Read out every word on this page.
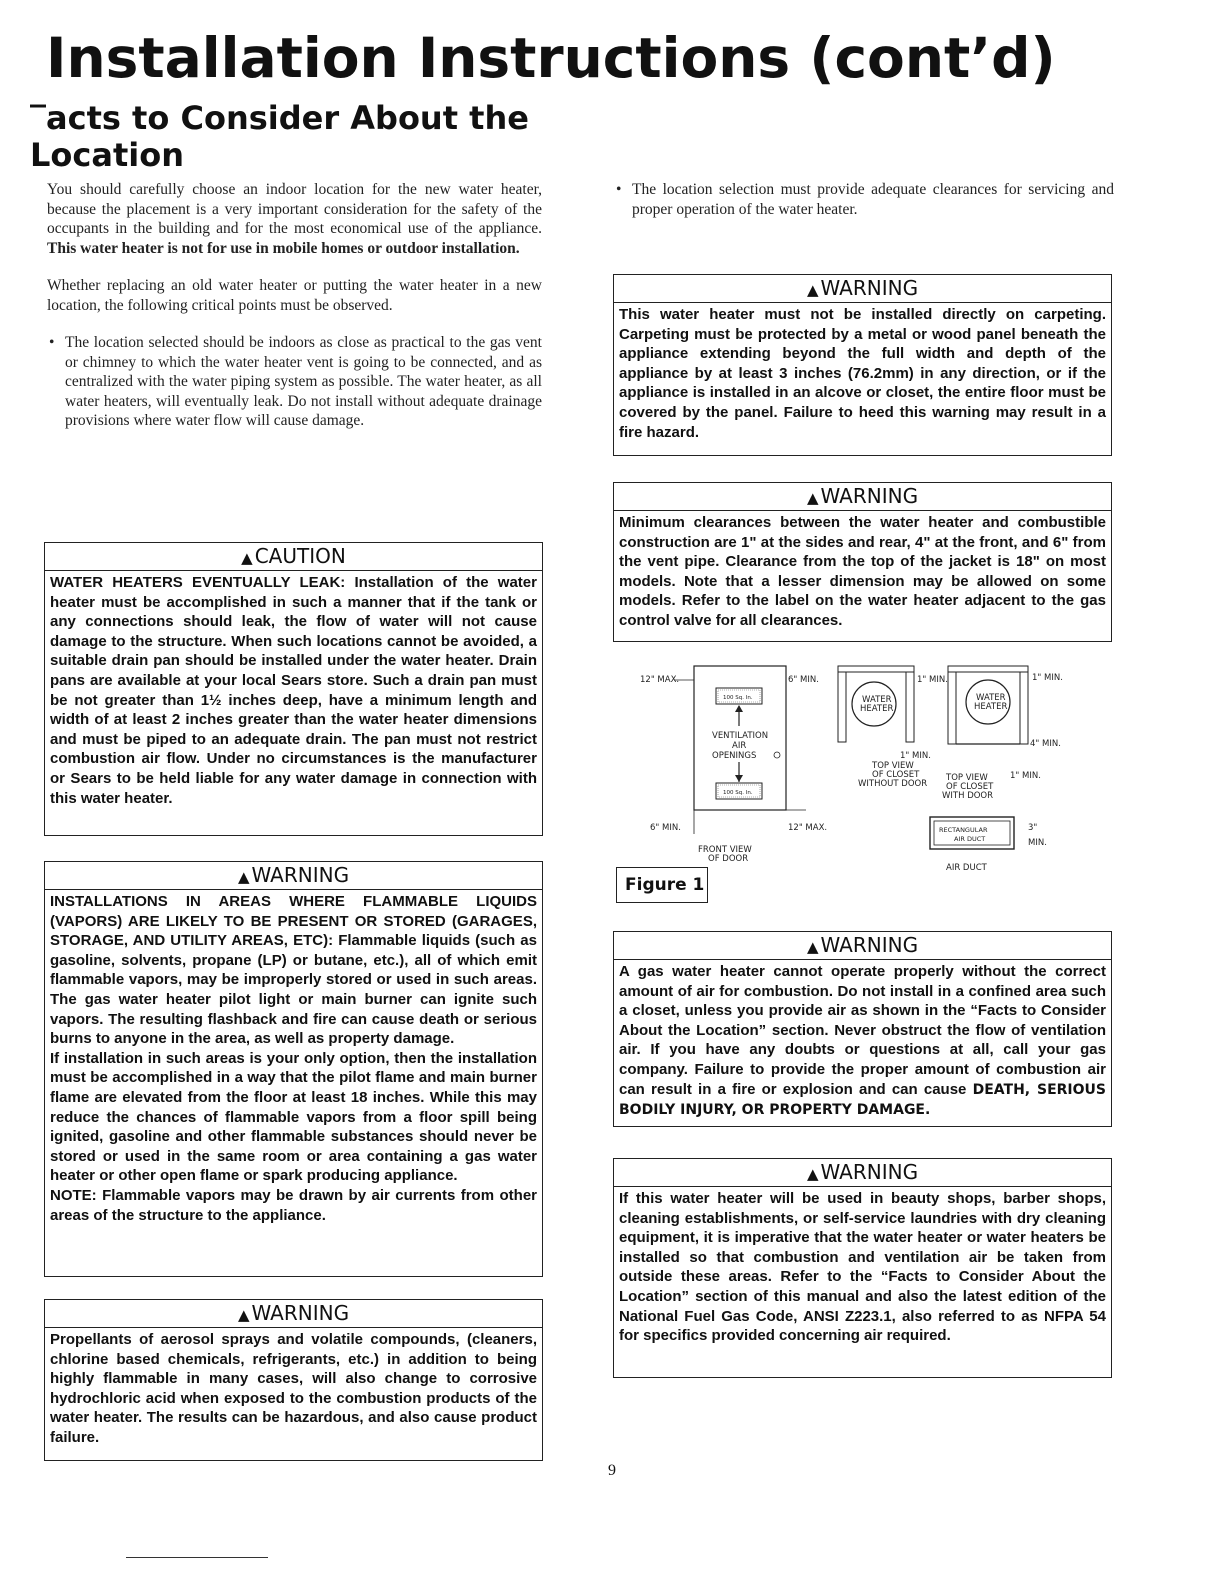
Installation Instructions (cont’d)
‾acts to Consider About the Location

You should carefully choose an indoor location for the new water heater, because the placement is a very important consideration for the safety of the occupants in the building and for the most economical use of the appliance. This water heater is not for use in mobile homes or outdoor installation.

Whether replacing an old water heater or putting the water heater in a new location, the following critical points must be observed.

• The location selected should be indoors as close as practical to the gas vent or chimney to which the water heater vent is going to be connected, and as centralized with the water piping system as possible. The water heater, as all water heaters, will eventually leak. Do not install without adequate drainage provisions where water flow will cause damage.

• The location selection must provide adequate clearances for servicing and proper operation of the water heater.

▲ CAUTION
WATER HEATERS EVENTUALLY LEAK: Installation of the water heater must be accomplished in such a manner that if the tank or any connections should leak, the flow of water will not cause damage to the structure. When such locations cannot be avoided, a suitable drain pan should be installed under the water heater. Drain pans are available at your local Sears store. Such a drain pan must be not greater than 1½ inches deep, have a minimum length and width of at least 2 inches greater than the water heater dimensions and must be piped to an adequate drain. The pan must not restrict combustion air flow. Under no circumstances is the manufacturer or Sears to be held liable for any water damage in connection with this water heater.
▲ WARNING

INSTALLATIONS IN AREAS WHERE FLAMMABLE LIQUIDS (VAPORS) ARE LIKELY TO BE PRESENT OR STORED (GARAGES, STORAGE, AND UTILITY AREAS, ETC): Flammable liquids (such as gasoline, solvents, propane (LP) or butane, etc.), all of which emit flammable vapors, may be improperly stored or used in such areas. The gas water heater pilot light or main burner can ignite such vapors. The resulting flashback and fire can cause death or serious burns to anyone in the area, as well as property damage.

If installation in such areas is your only option, then the installation must be accomplished in a way that the pilot flame and main burner flame are elevated from the floor at least 18 inches. While this may reduce the chances of flammable vapors from a floor spill being ignited, gasoline and other flammable substances should never be stored or used in the same room or area containing a gas water heater or other open flame or spark producing appliance.

NOTE: Flammable vapors may be drawn by air currents from other areas of the structure to the appliance.

▲ WARNING
Propellants of aerosol sprays and volatile compounds, (cleaners, chlorine based chemicals, refrigerants, etc.) in addition to being highly flammable in many cases, will also change to corrosive hydrochloric acid when exposed to the combustion products of the water heater. The results can be hazardous, and also cause product failure.
▲ WARNING
This water heater must not be installed directly on carpeting. Carpeting must be protected by a metal or wood panel beneath the appliance extending beyond the full width and depth of the appliance by at least 3 inches (76.2mm) in any direction, or if the appliance is installed in an alcove or closet, the entire floor must be covered by the panel. Failure to heed this warning may result in a fire hazard.
▲ WARNING
Minimum clearances between the water heater and combustible construction are 1" at the sides and rear, 4" at the front, and 6" from the vent pipe. Clearance from the top of the jacket is 18" on most models. Note that a lesser dimension may be allowed on some models. Refer to the label on the water heater adjacent to the gas control valve for all clearances.
12" MAX.	6" MIN.
100 Sq. In.
VENTILATION
AIR
OPENINGS
100 Sq. In.
6" MIN.	12" MAX.
FRONT VIEW
OF DOOR
WATER
HEATER
1" MIN.
1" MIN.
TOP VIEW
OF CLOSET
WITHOUT DOOR
WATER
HEATER
1" MIN.
4" MIN.
1" MIN.
TOP VIEW
OF CLOSET
WITH DOOR
RECTANGULAR
AIR DUCT
3"
MIN.
AIR DUCT
Figure 1
▲ WARNING
A gas water heater cannot operate properly without the correct amount of air for combustion. Do not install in a confined area such a closet, unless you provide air as shown in the “Facts to Consider About the Location” section. Never obstruct the flow of ventilation air. If you have any doubts or questions at all, call your gas company. Failure to provide the proper amount of combustion air can result in a fire or explosion and can cause DEATH, SERIOUS BODILY INJURY, OR PROPERTY DAMAGE.
▲ WARNING
If this water heater will be used in beauty shops, barber shops, cleaning establishments, or self-service laundries with dry cleaning equipment, it is imperative that the water heater or water heaters be installed so that combustion and ventilation air be taken from outside these areas. Refer to the “Facts to Consider About the Location” section of this manual and also the latest edition of the National Fuel Gas Code, ANSI Z223.1, also referred to as NFPA 54 for specifics provided concerning air required.
9
